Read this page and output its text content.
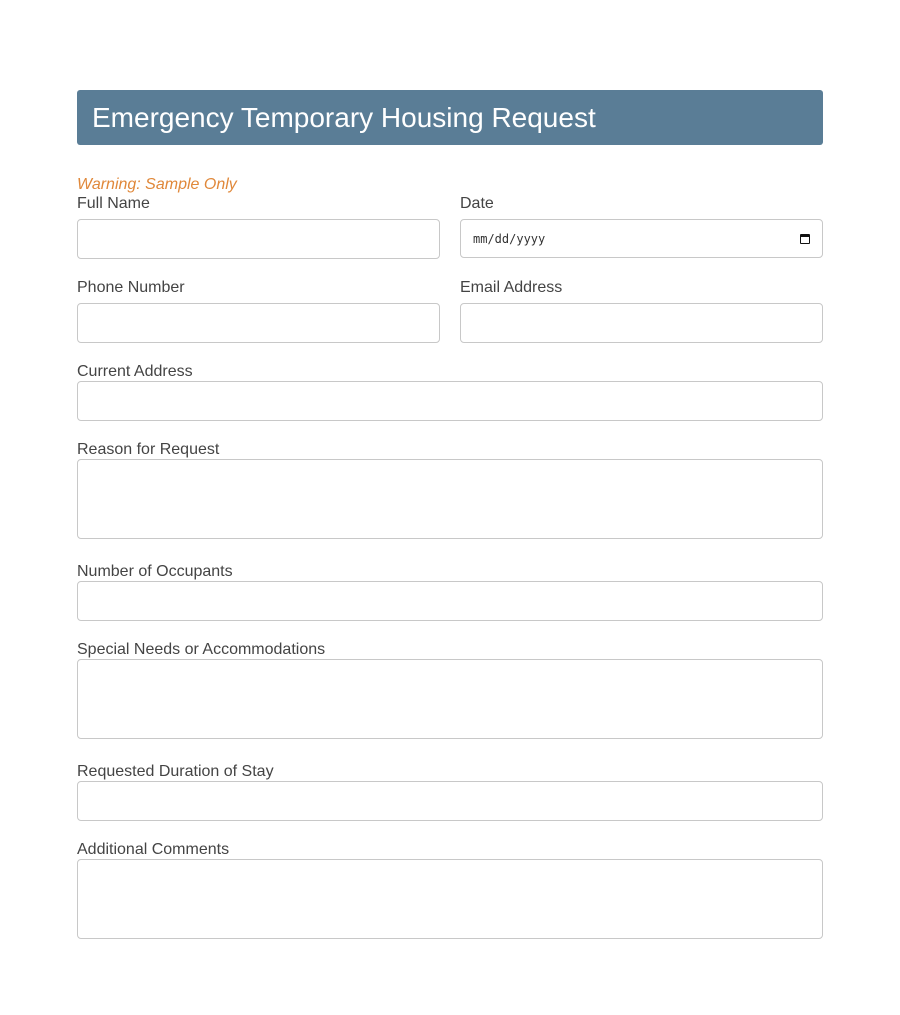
Emergency Temporary Housing Request
Warning: Sample Only
Full Name	Date
mm/dd/yyyy
Phone Number	Email Address
Current Address
Reason for Request
Number of Occupants
Special Needs or Accommodations
Requested Duration of Stay
Additional Comments
